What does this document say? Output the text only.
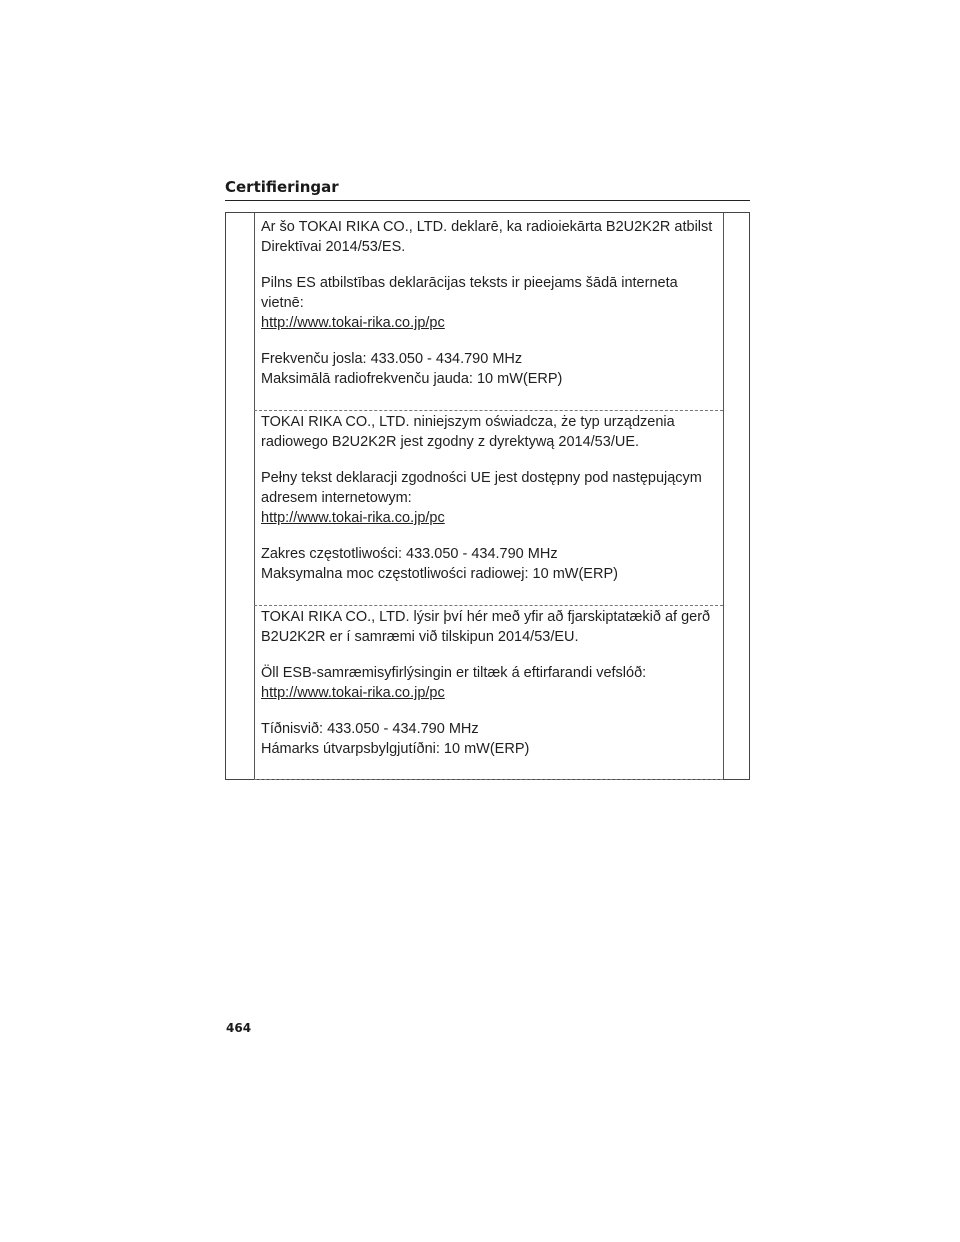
Certifieringar

Ar šo TOKAI RIKA CO., LTD. deklarē, ka radioiekārta B2U2K2R atbilst

Direktīvai 2014/53/ES.

Pilns ES atbilstības deklarācijas teksts ir pieejams šādā interneta

vietnē:

http://www.tokai-rika.co.jp/pc

Frekvenču josla: 433.050 - 434.790 MHz

Maksimālā radiofrekvenču jauda: 10 mW(ERP)

TOKAI RIKA CO., LTD. niniejszym oświadcza, że typ urządzenia

radiowego B2U2K2R jest zgodny z dyrektywą 2014/53/UE.

Pełny tekst deklaracji zgodności UE jest dostępny pod następującym

adresem internetowym:

http://www.tokai-rika.co.jp/pc

Zakres częstotliwości: 433.050 - 434.790 MHz

Maksymalna moc częstotliwości radiowej: 10 mW(ERP)

TOKAI RIKA CO., LTD. lýsir því hér með yfir að fjarskiptatækið af gerð

B2U2K2R er í samræmi við tilskipun 2014/53/EU.

Öll ESB-samræmisyfirlýsingin er tiltæk á eftirfarandi vefslóð:

http://www.tokai-rika.co.jp/pc

Tíðnisvið: 433.050 - 434.790 MHz

Hámarks útvarpsbylgjutíðni: 10 mW(ERP)

464
